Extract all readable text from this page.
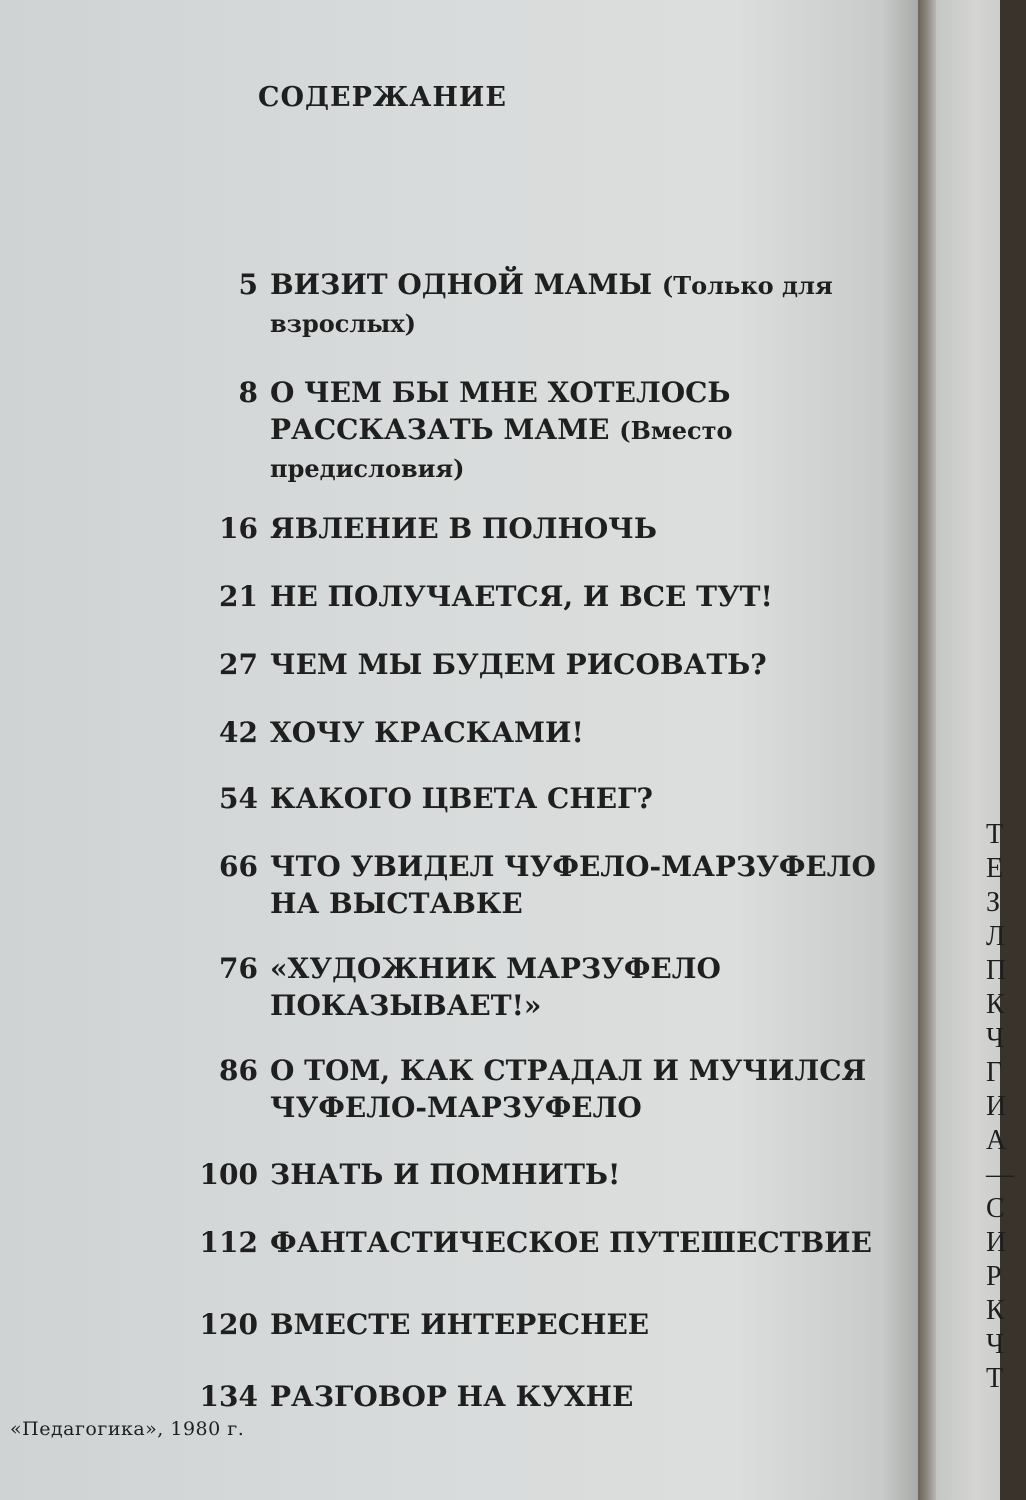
Т
Е
З
Л
П
К
Ч
Г
И
А
—
С
И
Р
К
Ч
Т
СОДЕРЖАНИЕ
5 ВИЗИТ ОДНОЙ МАМЫ (Только для взрослых)
8 О ЧЕМ БЫ МНЕ ХОТЕЛОСЬ РАССКАЗАТЬ МАМЕ (Вместо предисловия)
16 ЯВЛЕНИЕ В ПОЛНОЧЬ
21 НЕ ПОЛУЧАЕТСЯ, И ВСЕ ТУТ!
27 ЧЕМ МЫ БУДЕМ РИСОВАТЬ?
42 ХОЧУ КРАСКАМИ!
54 КАКОГО ЦВЕТА СНЕГ?
66 ЧТО УВИДЕЛ ЧУФЕЛО-МАРЗУФЕЛО НА ВЫСТАВКЕ
76 «ХУДОЖНИК МАРЗУФЕЛО ПОКАЗЫВАЕТ!»
86 О ТОМ, КАК СТРАДАЛ И МУЧИЛСЯ ЧУФЕЛО-МАРЗУФЕЛО
100 ЗНАТЬ И ПОМНИТЬ!
112 ФАНТАСТИЧЕСКОЕ ПУТЕШЕСТВИЕ
120 ВМЕСТЕ ИНТЕРЕСНЕЕ
134 РАЗГОВОР НА КУХНЕ
«Педагогика», 1980 г.
